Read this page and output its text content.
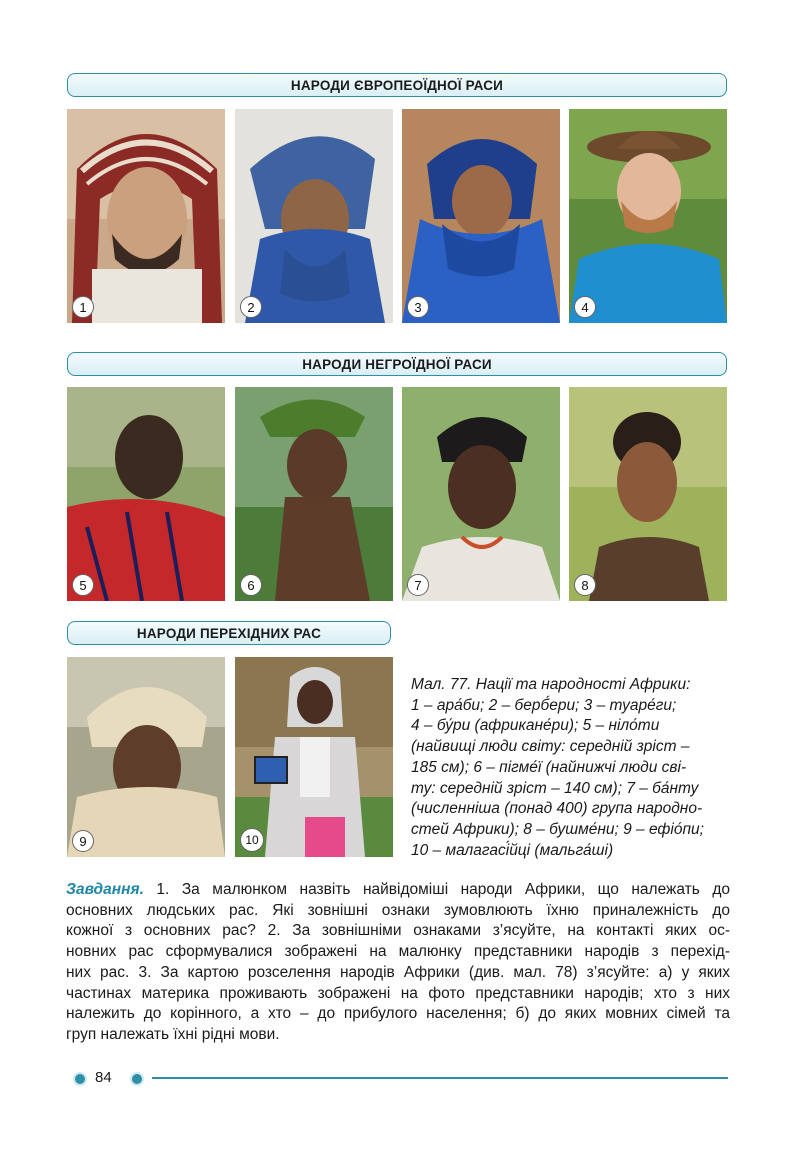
НАРОДИ ЄВРОПЕОЇДНОЇ РАСИ
1	2	3	4
НАРОДИ НЕГРОЇДНОЇ РАСИ
5	6	7	8
НАРОДИ ПЕРЕХІДНИХ РАС
9	10
Мал. 77. Нації та народності Африки:
1 – ара́би; 2 – берб́ери; 3 – туаре́ги;
4 – бу́ри (африкане́ри); 5 – ніло́ти
(найвищі люди світу: середній зріст –
185 см); 6 – пігме́ї (найнижчі люди сві-
ту: середній зріст – 140 см); 7 – ба́нту
(численніша (понад 400) група народно-
стей Африки); 8 – бушме́ни; 9 – ефіо́пи;
10 – малагасі́йці (мальга́ші)
Завдання. 1. За малюнком назвіть найвідоміші народи Африки, що належать до
основних людських рас. Які зовнішні ознаки зумовлюють їхню приналежність до
кожної з основних рас? 2. За зовнішніми ознаками з’ясуйте, на контакті яких ос-
новних рас сформувалися зображені на малюнку представники народів з перехід-
них рас. 3. За картою розселення народів Африки (див. мал. 78) з’ясуйте: а) у яких
частинах материка проживають зображені на фото представники народів; хто з них
належить до корінного, а хто – до прибулого населення; б) до яких мовних сімей та
груп належать їхні рідні мови.
84
